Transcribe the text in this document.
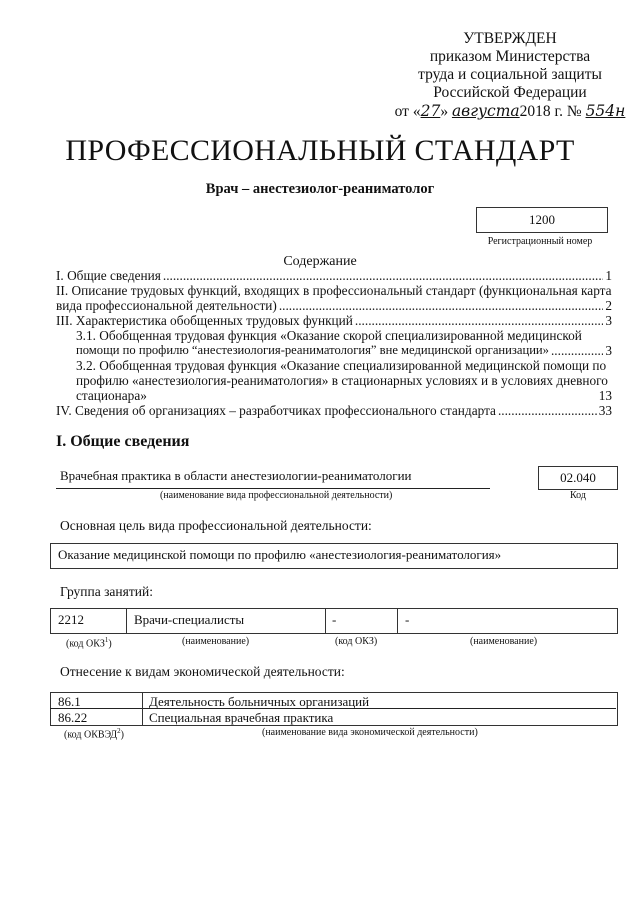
УТВЕРЖДЕН
приказом Министерства
труда и социальной защиты
Российской Федерации
от «27» августа2018 г. № 554н
ПРОФЕССИОНАЛЬНЫЙ СТАНДАРТ
Врач – анестезиолог-реаниматолог
1200
Регистрационный номер
Содержание
I. Общие сведения .....	1
II. Описание трудовых функций, входящих в профессиональный стандарт (функциональная карта
вида профессиональной деятельности) .....	2
III. Характеристика обобщенных трудовых функций .....	3
3.1. Обобщенная трудовая функция «Оказание скорой специализированной медицинской
помощи по профилю “анестезиология-реаниматология” вне медицинской организации» .....	3
3.2. Обобщенная трудовая функция «Оказание специализированной медицинской помощи по
профилю «анестезиология-реаниматология» в стационарных условиях и в условиях дневного
стационара»	13
IV. Сведения об организациях – разработчиках профессионального стандарта .....	33
I. Общие сведения
Врачебная практика в области анестезиологии-реаниматологии
(наименование вида профессиональной деятельности)
02.040
Код
Основная цель вида профессиональной деятельности:
Оказание медицинской помощи по профилю «анестезиология-реаниматология»
Группа занятий:
2212	Врачи-специалисты	-	-
(код ОКЗ$^1$)	(наименование)	(код ОКЗ)	(наименование)
Отнесение к видам экономической деятельности:
86.1	Деятельность больничных организаций
86.22	Специальная врачебная практика
(код ОКВЭД$^2$)	(наименование вида экономической деятельности)
